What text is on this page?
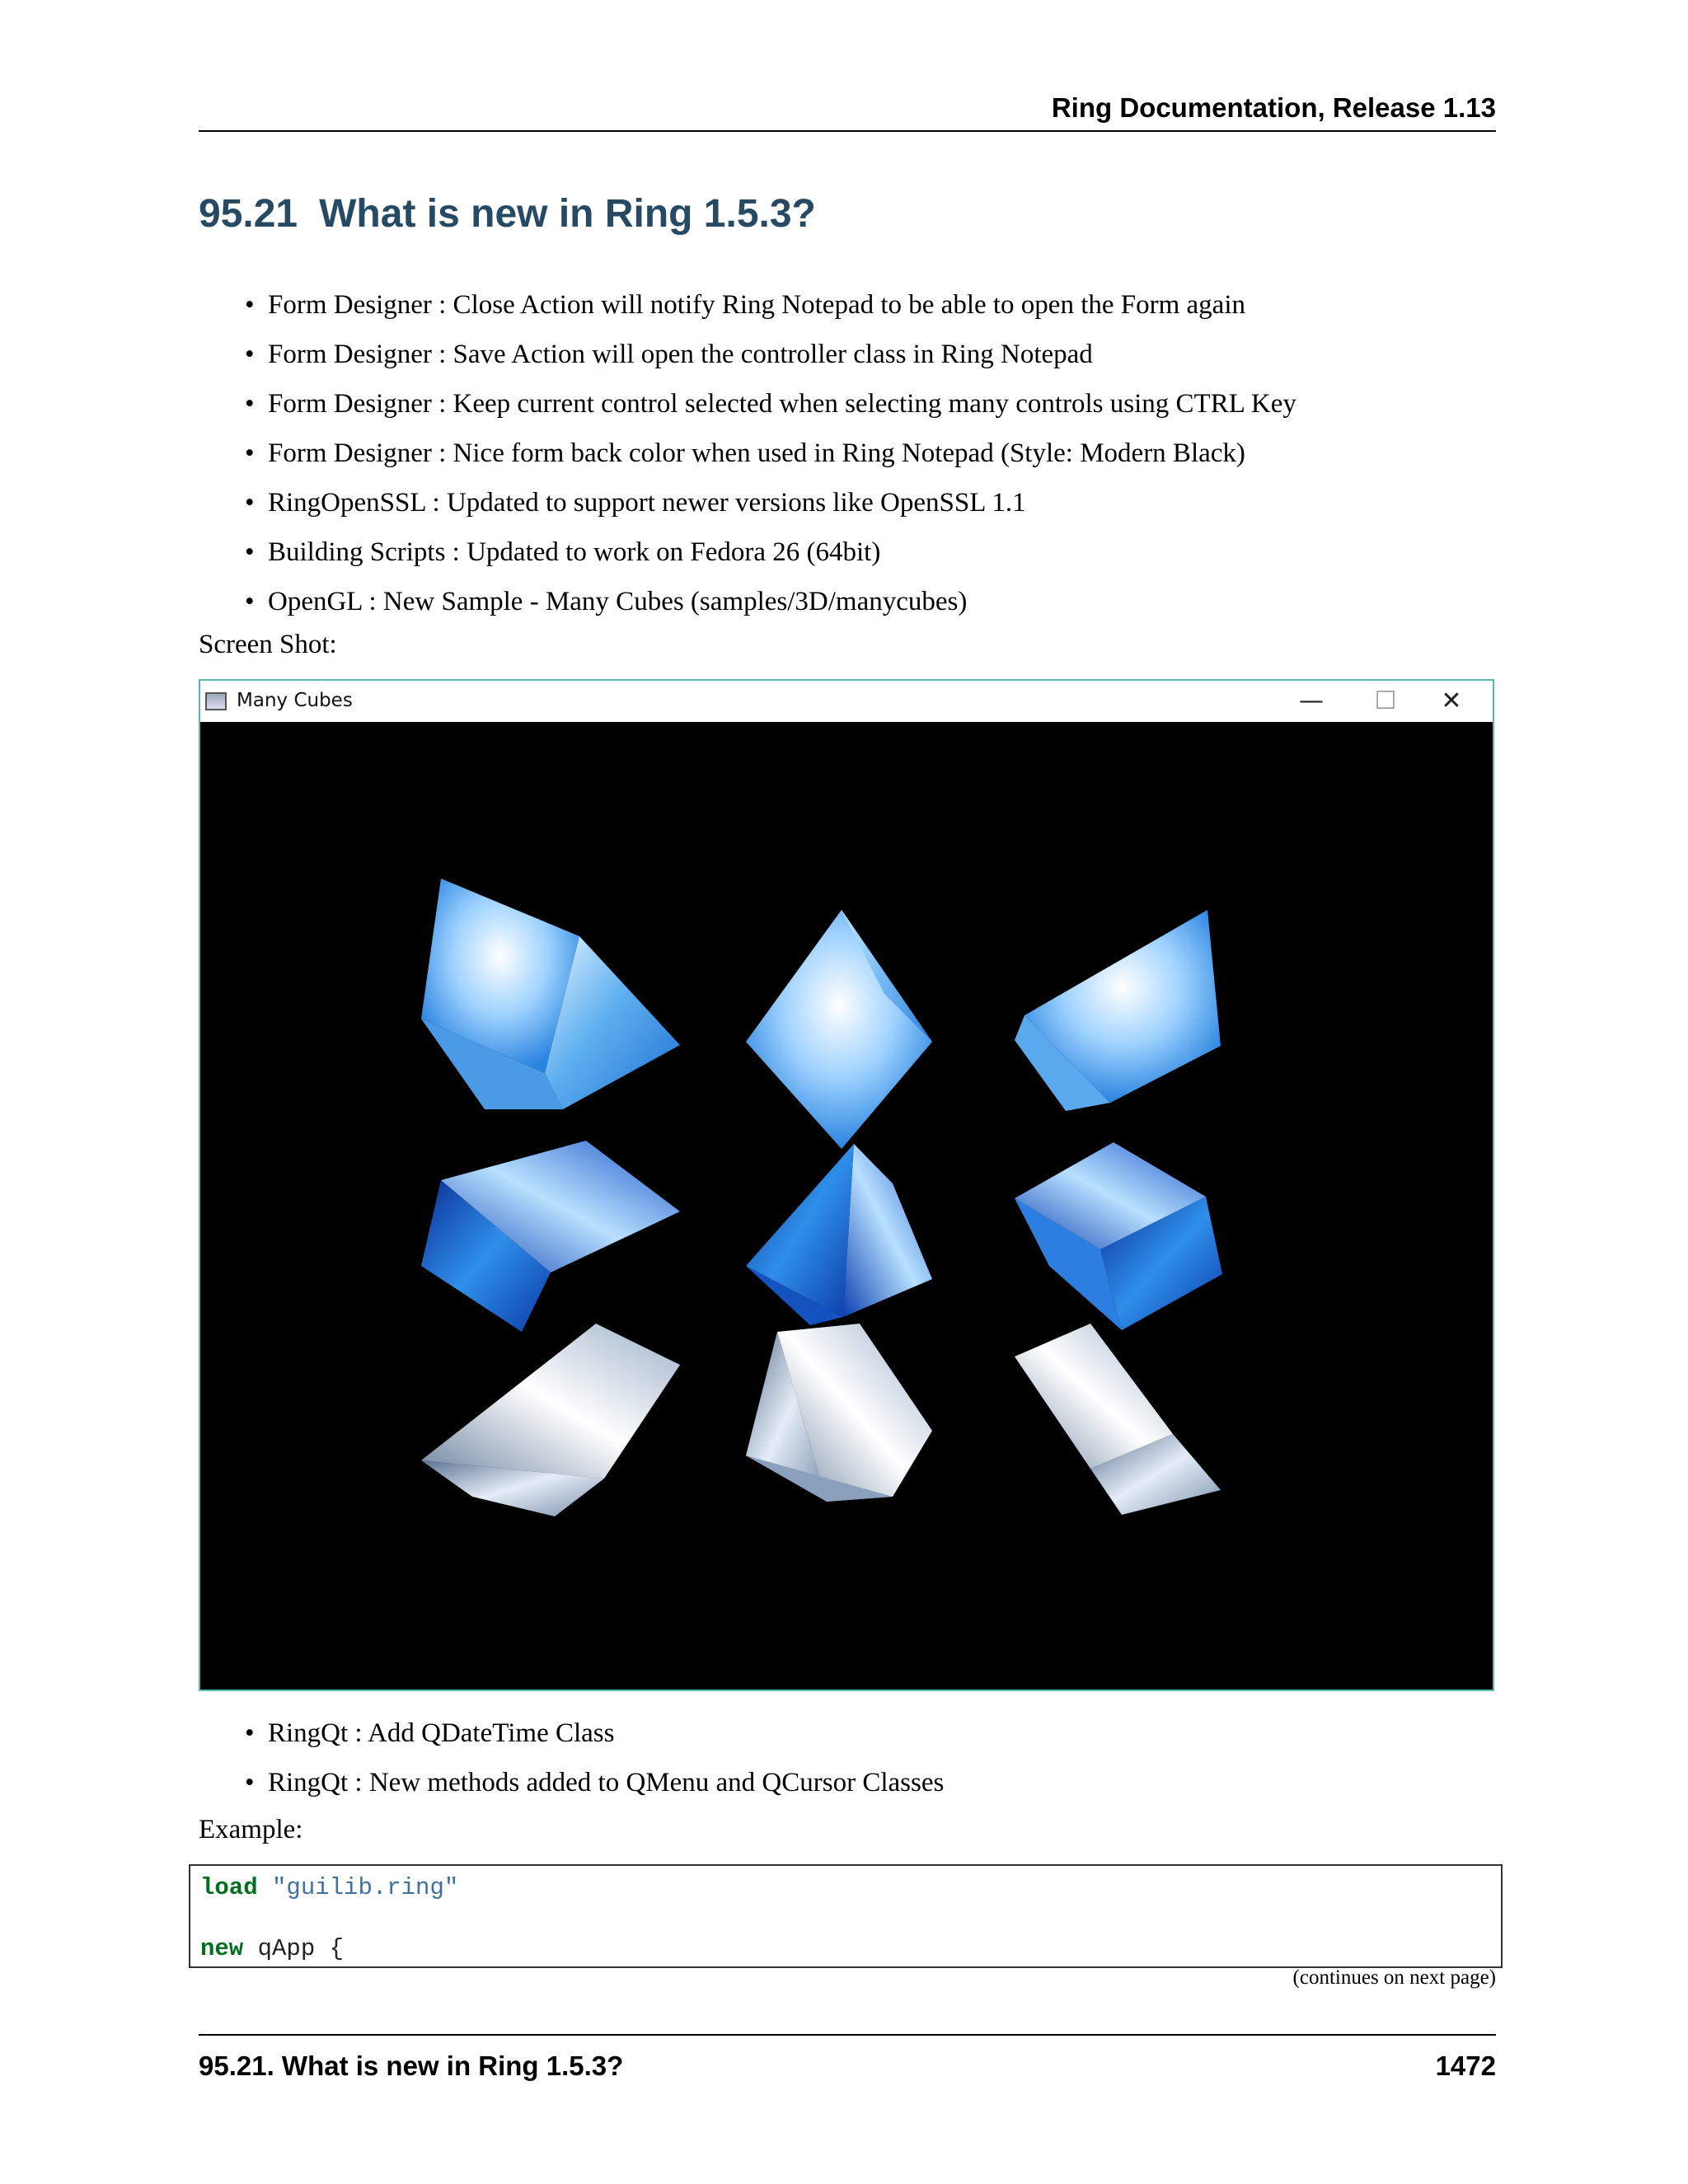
Ring Documentation, Release 1.13
95.21 What is new in Ring 1.5.3?
• Form Designer : Close Action will notify Ring Notepad to be able to open the Form again
• Form Designer : Save Action will open the controller class in Ring Notepad
• Form Designer : Keep current control selected when selecting many controls using CTRL Key
• Form Designer : Nice form back color when used in Ring Notepad (Style: Modern Black)
• RingOpenSSL : Updated to support newer versions like OpenSSL 1.1
• Building Scripts : Updated to work on Fedora 26 (64bit)
• OpenGL : New Sample - Many Cubes (samples/3D/manycubes)
Screen Shot:
Many Cubes	—	☐	✕
• RingQt : Add QDateTime Class
• RingQt : New methods added to QMenu and QCursor Classes
Example:
load "guilib.ring"
new qApp {
(continues on next page)
95.21. What is new in Ring 1.5.3?	1472
